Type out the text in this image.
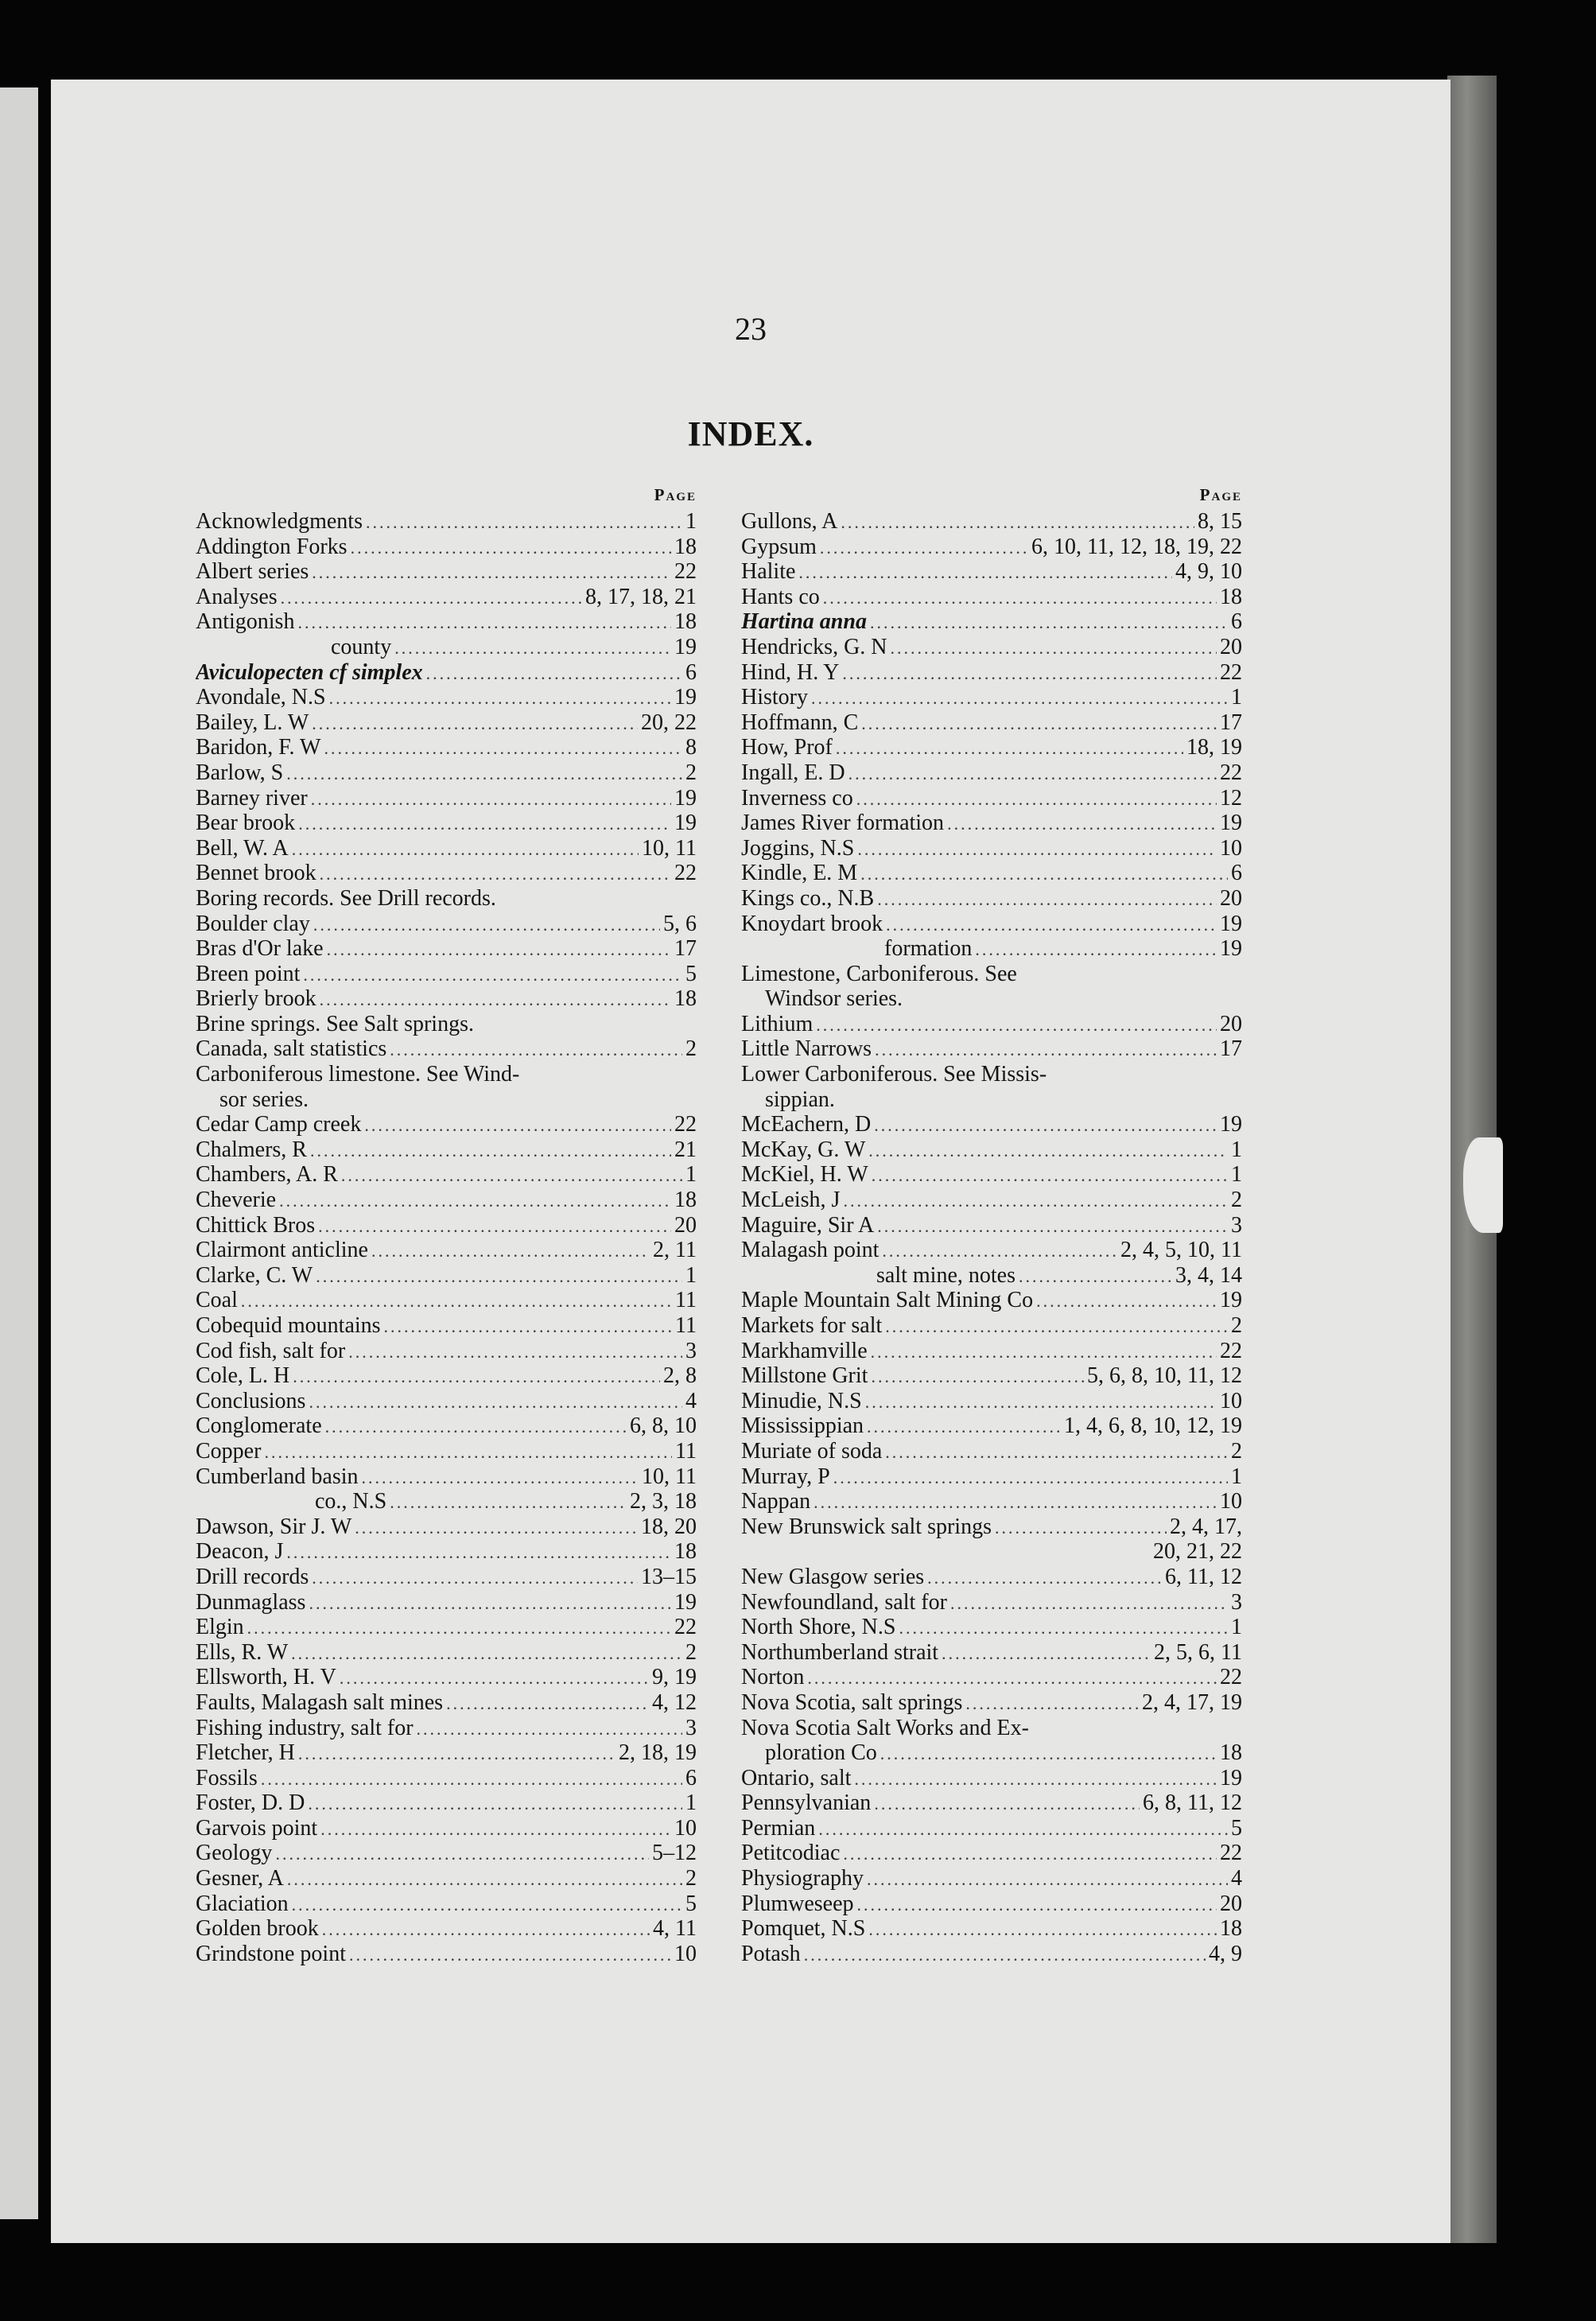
23
INDEX.
Page
Acknowledgments .....	1
Addington Forks .....	18
Albert series .....	22
Analyses .....	8, 17, 18, 21
Antigonish .....	18
county .....	19
Aviculopecten cf simplex .....	6
Avondale, N.S .....	19
Bailey, L. W .....	20, 22
Baridon, F. W .....	8
Barlow, S .....	2
Barney river .....	19
Bear brook .....	19
Bell, W. A .....	10, 11
Bennet brook .....	22
Boring records. See Drill records.
Boulder clay .....	5, 6
Bras d'Or lake .....	17
Breen point .....	5
Brierly brook .....	18
Brine springs. See Salt springs.
Canada, salt statistics .....	2
Carboniferous limestone. See Wind-
sor series.
Cedar Camp creek .....	22
Chalmers, R .....	21
Chambers, A. R .....	1
Cheverie .....	18
Chittick Bros .....	20
Clairmont anticline .....	2, 11
Clarke, C. W .....	1
Coal .....	11
Cobequid mountains .....	11
Cod fish, salt for .....	3
Cole, L. H .....	2, 8
Conclusions .....	4
Conglomerate .....	6, 8, 10
Copper .....	11
Cumberland basin .....	10, 11
co., N.S .....	2, 3, 18
Dawson, Sir J. W .....	18, 20
Deacon, J .....	18
Drill records .....	13–15
Dunmaglass .....	19
Elgin .....	22
Ells, R. W .....	2
Ellsworth, H. V .....	9, 19
Faults, Malagash salt mines .....	4, 12
Fishing industry, salt for .....	3
Fletcher, H .....	2, 18, 19
Fossils .....	6
Foster, D. D .....	1
Garvois point .....	10
Geology .....	5–12
Gesner, A .....	2
Glaciation .....	5
Golden brook .....	4, 11
Grindstone point .....	10
Page
Gullons, A .....	8, 15
Gypsum .....	6, 10, 11, 12, 18, 19, 22
Halite .....	4, 9, 10
Hants co .....	18
Hartina anna .....	6
Hendricks, G. N .....	20
Hind, H. Y .....	22
History .....	1
Hoffmann, C .....	17
How, Prof .....	18, 19
Ingall, E. D .....	22
Inverness co .....	12
James River formation .....	19
Joggins, N.S .....	10
Kindle, E. M .....	6
Kings co., N.B .....	20
Knoydart brook .....	19
formation .....	19
Limestone, Carboniferous. See
Windsor series.
Lithium .....	20
Little Narrows .....	17
Lower Carboniferous. See Missis-
sippian.
McEachern, D .....	19
McKay, G. W .....	1
McKiel, H. W .....	1
McLeish, J .....	2
Maguire, Sir A .....	3
Malagash point .....	2, 4, 5, 10, 11
salt mine, notes .....	3, 4, 14
Maple Mountain Salt Mining Co .....	19
Markets for salt .....	2
Markhamville .....	22
Millstone Grit .....	5, 6, 8, 10, 11, 12
Minudie, N.S .....	10
Mississippian .....	1, 4, 6, 8, 10, 12, 19
Muriate of soda .....	2
Murray, P .....	1
Nappan .....	10
New Brunswick salt springs .....	2, 4, 17,
20, 21, 22
New Glasgow series .....	6, 11, 12
Newfoundland, salt for .....	3
North Shore, N.S .....	1
Northumberland strait .....	2, 5, 6, 11
Norton .....	22
Nova Scotia, salt springs .....	2, 4, 17, 19
Nova Scotia Salt Works and Ex-
ploration Co .....	18
Ontario, salt .....	19
Pennsylvanian .....	6, 8, 11, 12
Permian .....	5
Petitcodiac .....	22
Physiography .....	4
Plumweseep .....	20
Pomquet, N.S .....	18
Potash .....	4, 9
